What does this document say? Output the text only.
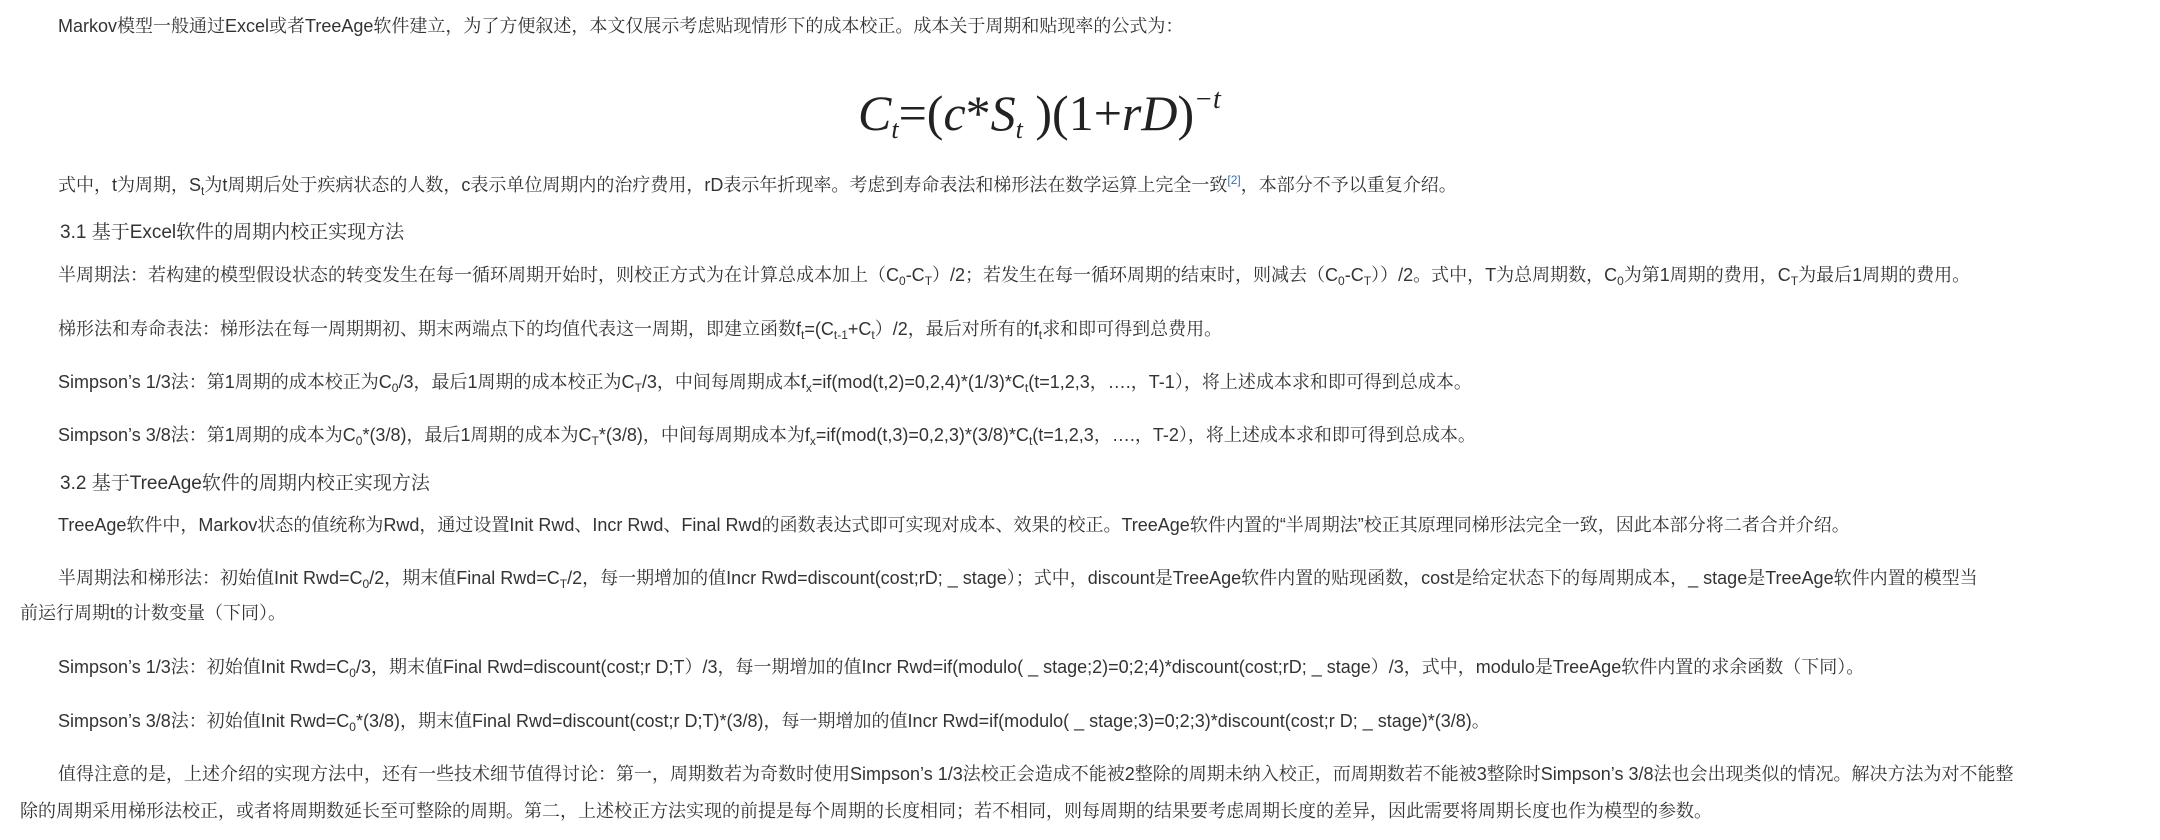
Markov模型一般通过Excel或者TreeAge软件建立，为了方便叙述，本文仅展示考虑贴现情形下的成本校正。成本关于周期和贴现率的公式为：
Ct=(c*St )$(1+rD)^{-t}$
式中，t为周期，$S_t$为t周期后处于疾病状态的人数，c表示单位周期内的治疗费用，rD表示年折现率。考虑到寿命表法和梯形法在数学运算上完全一致[2]，本部分不予以重复介绍。
3.1 基于Excel软件的周期内校正实现方法
半周期法：若构建的模型假设状态的转变发生在每一循环周期开始时，则校正方式为在计算总成本加上$(C_0-C_T)/2$；若发生在每一循环周期的结束时，则减去$(C_0-C_T))/2$。式中，T为总周期数，$C_0$为第1周期的费用，$C_T$为最后1周期的费用。
梯形法和寿命表法：梯形法在每一周期期初、期末两端点下的均值代表这一周期，即建立函数$f_t=(C_{t-1}+C_t)/2$，最后对所有的$f_t$求和即可得到总费用。
Simpson’s 1/3法：第1周期的成本校正为$C_0/3$，最后1周期的成本校正为$C_T/3$，中间每周期成本$f_x=if(mod(t,2)=0,2,4)*(1/3)*C_t(t=1,2,3$，….，T-1），将上述成本求和即可得到总成本。
Simpson’s 3/8法：第1周期的成本为$C_0*(3/8)$，最后1周期的成本为$C_T*(3/8)$，中间每周期成本为$f_x=if(mod(t,3)=0,2,3)*(3/8)*C_t(t=1,2,3$，….，T-2），将上述成本求和即可得到总成本。
3.2 基于TreeAge软件的周期内校正实现方法
TreeAge软件中，Markov状态的值统称为Rwd，通过设置Init Rwd、Incr Rwd、Final Rwd的函数表达式即可实现对成本、效果的校正。TreeAge软件内置的“半周期法”校正其原理同梯形法完全一致，因此本部分将二者合并介绍。
半周期法和梯形法：初始值Init $Rwd=C_0/2$，期末值Final $Rwd=C_T/2$，每一期增加的值Incr Rwd=discount(cost;rD; _ stage）；式中，discount是TreeAge软件内置的贴现函数，cost是给定状态下的每周期成本，_ stage是TreeAge软件内置的模型当
前运行周期t的计数变量（下同）。
Simpson’s 1/3法：初始值Init $Rwd=C_0/3$，期末值Final Rwd=discount(cost;r D;T）/3，每一期增加的值Incr Rwd=if(modulo( _ stage;2)=0;2;4)*discount(cost;rD; _ stage）/3，式中，modulo是TreeAge软件内置的求余函数（下同）。
Simpson’s 3/8法：初始值Init $Rwd=C_0*(3/8)$，期末值Final Rwd=discount(cost;r D;T)*(3/8)，每一期增加的值Incr Rwd=if(modulo( _ stage;3)=0;2;3)*discount(cost;r D; _ stage)*(3/8)。
值得注意的是，上述介绍的实现方法中，还有一些技术细节值得讨论：第一，周期数若为奇数时使用Simpson’s 1/3法校正会造成不能被2整除的周期未纳入校正，而周期数若不能被3整除时Simpson’s 3/8法也会出现类似的情况。解决方法为对不能整
除的周期采用梯形法校正，或者将周期数延长至可整除的周期。第二，上述校正方法实现的前提是每个周期的长度相同；若不相同，则每周期的结果要考虑周期长度的差异，因此需要将周期长度也作为模型的参数。
